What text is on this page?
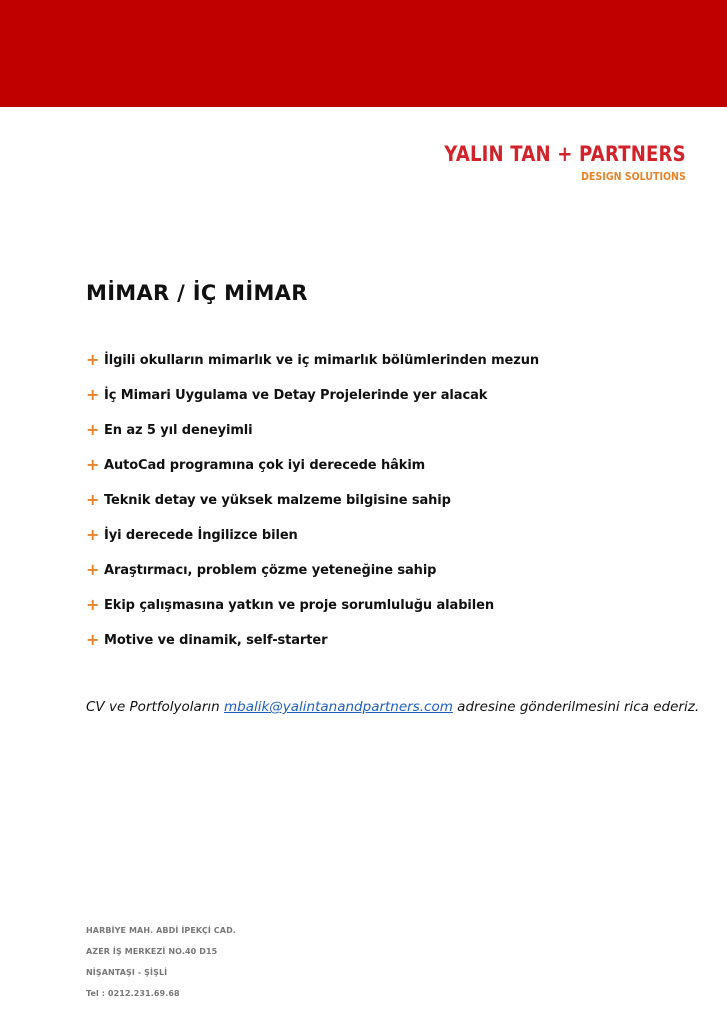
YALIN TAN + PARTNERS
DESIGN SOLUTIONS
MİMAR / İÇ MİMAR
+ İlgili okulların mimarlık ve iç mimarlık bölümlerinden mezun
+ İç Mimari Uygulama ve Detay Projelerinde yer alacak
+ En az 5 yıl deneyimli
+ AutoCad programına çok iyi derecede hâkim
+ Teknik detay ve yüksek malzeme bilgisine sahip
+ İyi derecede İngilizce bilen
+ Araştırmacı, problem çözme yeteneğine sahip
+ Ekip çalışmasına yatkın ve proje sorumluluğu alabilen
+ Motive ve dinamik, self-starter
CV ve Portfolyoların mbalik@yalintanandpartners.com adresine gönderilmesini rica ederiz.
HARBİYE MAH. ABDİ İPEKÇİ CAD.
AZER İŞ MERKEZİ NO.40 D15
NİŞANTAŞI - ŞİŞLİ
Tel : 0212.231.69.68
